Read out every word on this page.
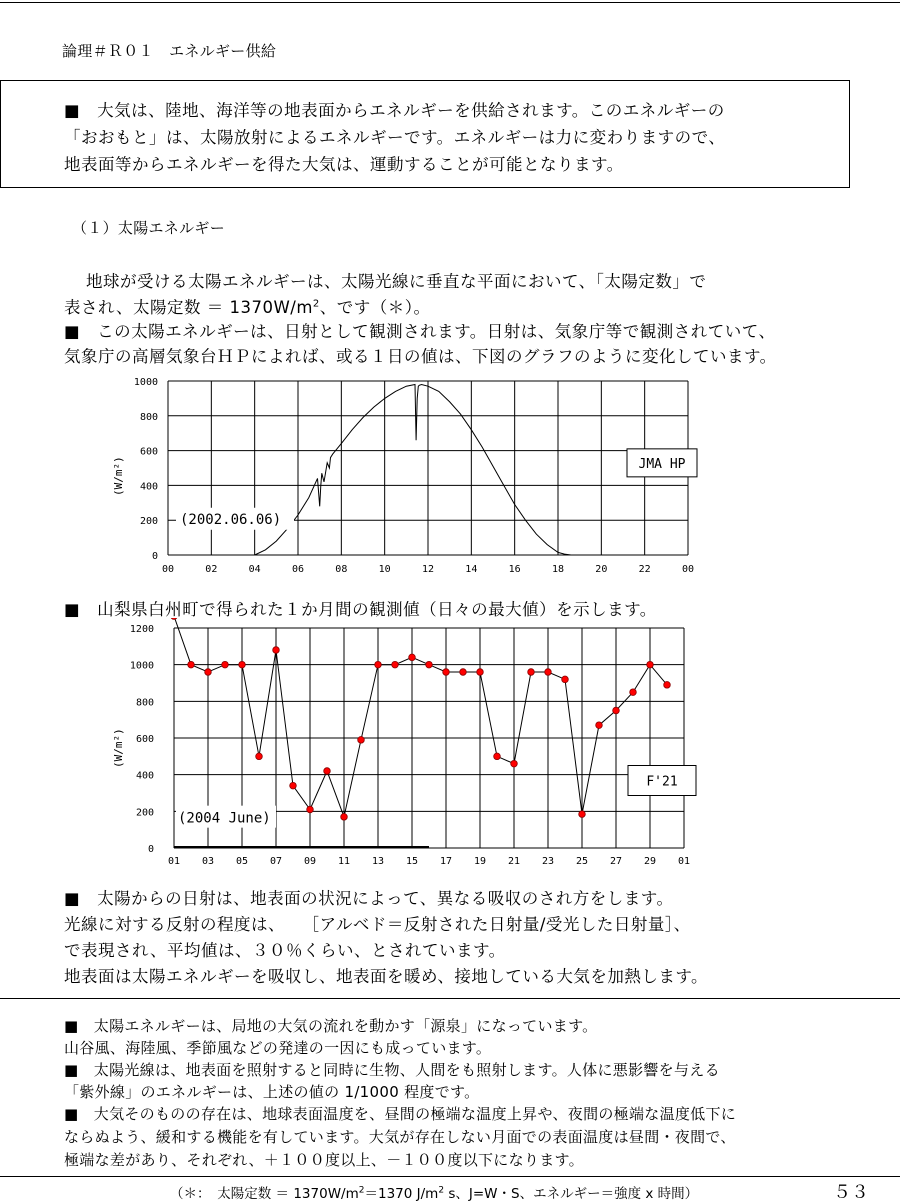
論理＃Ｒ０１　エネルギー供給
■　大気は、陸地、海洋等の地表面からエネルギーを供給されます。このエネルギーの
「おおもと」は、太陽放射によるエネルギーです。エネルギーは力に変わりますので、
地表面等からエネルギーを得た大気は、運動することが可能となります。
（１）太陽エネルギー
地球が受ける太陽エネルギーは、太陽光線に垂直な平面において、「太陽定数」で
表され、太陽定数 ＝ $1370W/m^2$、です（＊）。
■　この太陽エネルギーは、日射として観測されます。日射は、気象庁等で観測されていて、
気象庁の高層気象台ＨＰによれば、或る１日の値は、下図のグラフのように変化しています。
00	02	04	06	08	10	12	14	16	18	20	22	00
0
200
400
600
800
1000
(W/m²)
(2002.06.06)
JMA HP
■　山梨県白州町で得られた１か月間の観測値（日々の最大値）を示します。
01 03 05 07 09 11 13 15 17 19 21 23 25 27 29 01
0
200
400
600
800
1000
1200
(W/m²)
(2004 June)
F'21
■　太陽からの日射は、地表面の状況によって、異なる吸収のされ方をします。
光線に対する反射の程度は、　　［アルベド＝反射された日射量/受光した日射量］、
で表現され、平均値は、３０％くらい、とされています。
地表面は太陽エネルギーを吸収し、地表面を暖め、接地している大気を加熱します。
■　太陽エネルギーは、局地の大気の流れを動かす「源泉」になっています。
山谷風、海陸風、季節風などの発達の一因にも成っています。
■　太陽光線は、地表面を照射すると同時に生物、人間をも照射します。人体に悪影響を与える
「紫外線」のエネルギーは、上述の値の 1/1000 程度です。
■　大気そのものの存在は、地球表面温度を、昼間の極端な温度上昇や、夜間の極端な温度低下に
ならぬよう、緩和する機能を有しています。大気が存在しない月面での表面温度は昼間・夜間で、
極端な差があり、それぞれ、＋１００度以上、－１００度以下になります。
（＊：　太陽定数 ＝ $1370W/m^2=1370$ $J/m^2$ s、J=W・S、エネルギー＝強度 x 時間）	５３
